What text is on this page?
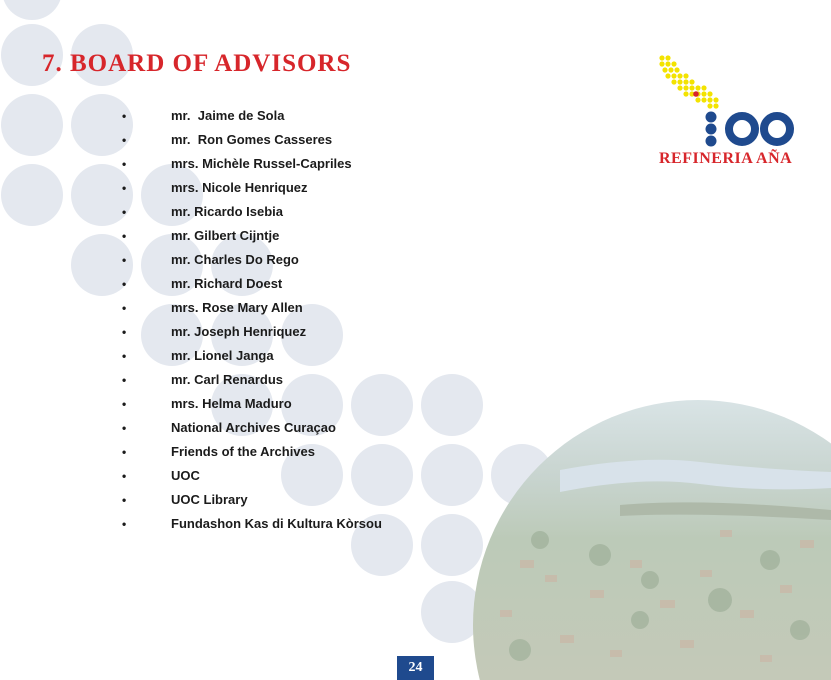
7. BOARD OF ADVISORS
•	mr.  Jaime de Sola
•	mr.  Ron Gomes Casseres
•	mrs. Michèle Russel-Capriles
•	mrs. Nicole Henriquez
•	mr. Ricardo Isebia
•	mr. Gilbert Cijntje
•	mr. Charles Do Rego
•	mr. Richard Doest
•	mrs. Rose Mary Allen
•	mr. Joseph Henriquez
•	mr. Lionel Janga
•	mr. Carl Renardus
•	mrs. Helma Maduro
•	National Archives Curaçao
•	Friends of the Archives
•	UOC
•	UOC Library
•	Fundashon Kas di Kultura Kòrsou
REFINERIA AÑA
24
